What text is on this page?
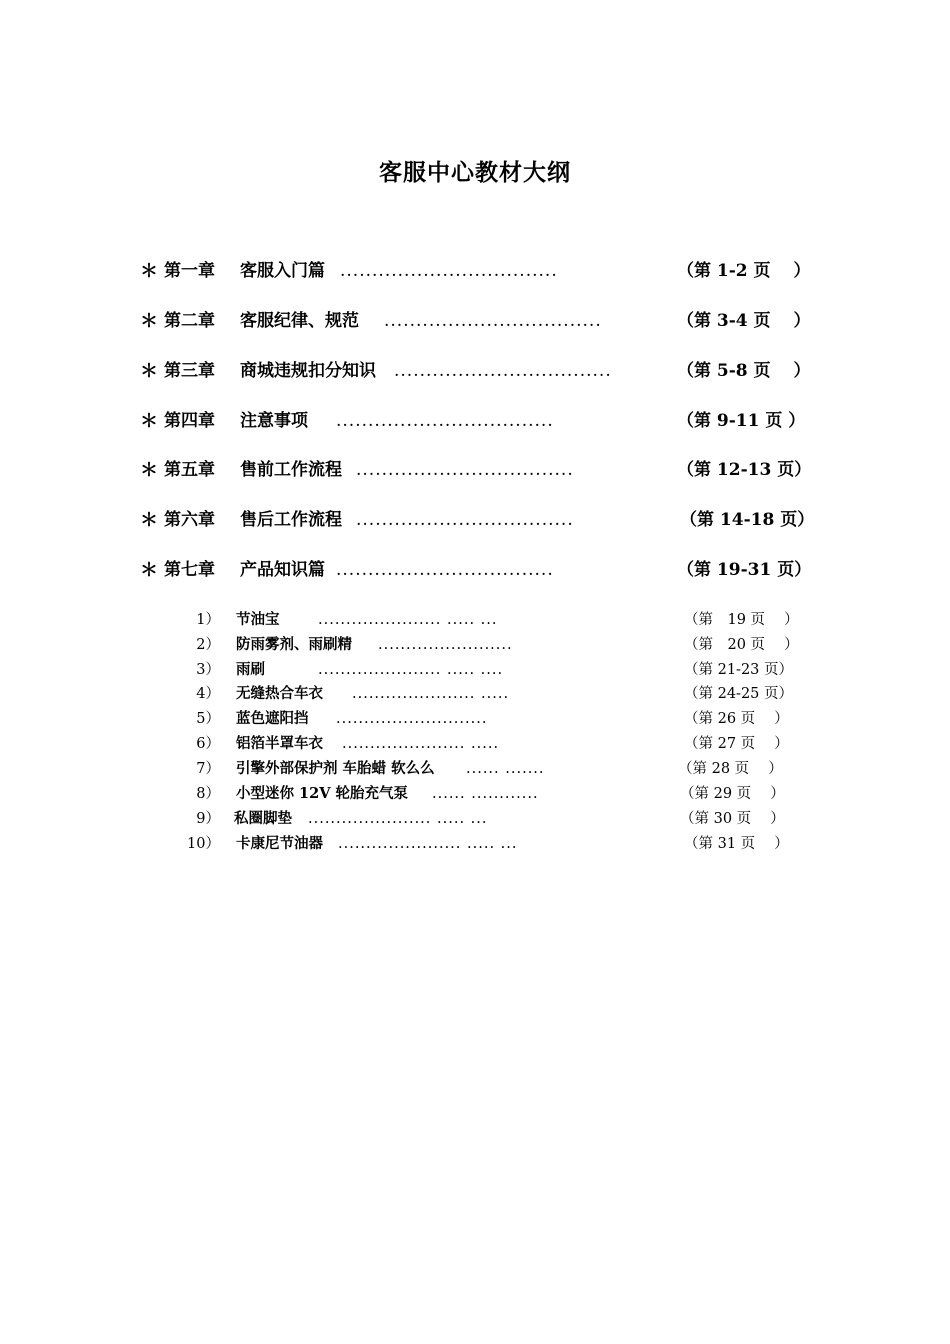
客服中心教材大纲
＊ 第一章 客服入门篇 ..................................	（第 1-2 页　 ）
＊ 第二章 客服纪律、规范 ..................................	（第 3-4 页　 ）
＊ 第三章 商城违规扣分知识 ..................................	（第 5-8 页　 ）
＊ 第四章 注意事项 ..................................	（第 9-11 页 ）
＊ 第五章 售前工作流程 ..................................	（第 12-13 页）
＊ 第六章 售后工作流程 ..................................	（第 14-18 页）
＊ 第七章 产品知识篇 ..................................	（第 19-31 页）
1） 节油宝	...................... ..... ...	（第　19 页　 ）
2） 防雨雾剂、雨刷精 ........................	（第　20 页　 ）
3） 雨刷	...................... ..... ....	（第 21-23 页）
4） 无缝热合车衣 ...................... .....	（第 24-25 页）
5） 蓝色遮阳挡 ...........................	（第 26 页　 ）
6） 铝箔半罩车衣 ...................... .....	（第 27 页　 ）
7） 引擎外部保护剂 车胎蜡 软么么 ...... .......	（第 28 页　 ）
8） 小型迷你 12V 轮胎充气泵 ...... ............	（第 29 页　 ）
9） 私圈脚垫 ...................... ..... ...	（第 30 页　 ）
10） 卡康尼节油器 ...................... ..... ...	（第 31 页　 ）
